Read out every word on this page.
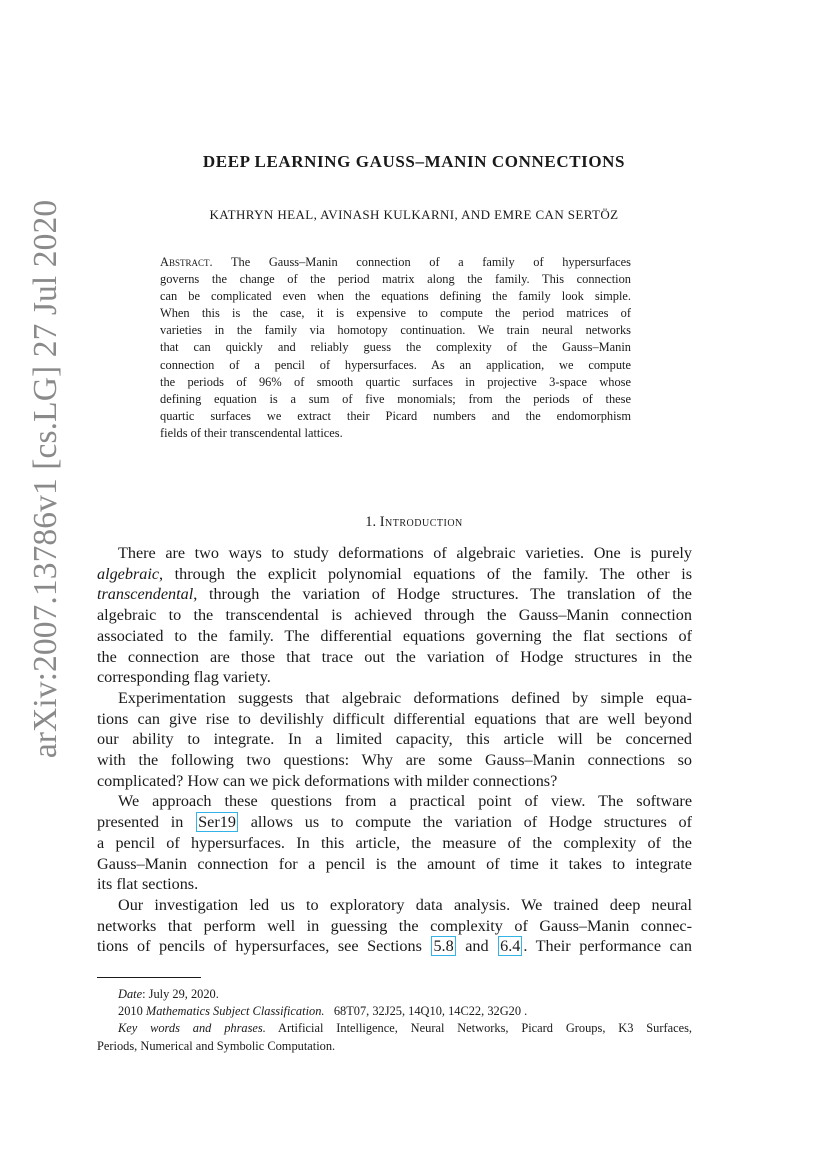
arXiv:2007.13786v1 [cs.LG] 27 Jul 2020
DEEP LEARNING GAUSS–MANIN CONNECTIONS
KATHRYN HEAL, AVINASH KULKARNI, AND EMRE CAN SERTÖZ
Abstract. The Gauss–Manin connection of a family of hypersurfaces
governs the change of the period matrix along the family. This connection
can be complicated even when the equations defining the family look simple.
When this is the case, it is expensive to compute the period matrices of
varieties in the family via homotopy continuation. We train neural networks
that can quickly and reliably guess the complexity of the Gauss–Manin
connection of a pencil of hypersurfaces. As an application, we compute
the periods of 96% of smooth quartic surfaces in projective 3-space whose
defining equation is a sum of five monomials; from the periods of these
quartic surfaces we extract their Picard numbers and the endomorphism
fields of their transcendental lattices.
1. Introduction
There are two ways to study deformations of algebraic varieties. One is purely
algebraic, through the explicit polynomial equations of the family. The other is
transcendental, through the variation of Hodge structures. The translation of the
algebraic to the transcendental is achieved through the Gauss–Manin connection
associated to the family. The differential equations governing the flat sections of
the connection are those that trace out the variation of Hodge structures in the
corresponding flag variety.
Experimentation suggests that algebraic deformations defined by simple equa-
tions can give rise to devilishly difficult differential equations that are well beyond
our ability to integrate. In a limited capacity, this article will be concerned
with the following two questions: Why are some Gauss–Manin connections so
complicated? How can we pick deformations with milder connections?
We approach these questions from a practical point of view. The software
presented in Ser19 allows us to compute the variation of Hodge structures of
a pencil of hypersurfaces. In this article, the measure of the complexity of the
Gauss–Manin connection for a pencil is the amount of time it takes to integrate
its flat sections.
Our investigation led us to exploratory data analysis. We trained deep neural
networks that perform well in guessing the complexity of Gauss–Manin connec-
tions of pencils of hypersurfaces, see Sections 5.8 and 6.4 . Their performance can
Date: July 29, 2020.
2010 Mathematics Subject Classification. 68T07, 32J25, 14Q10, 14C22, 32G20 .
Key words and phrases. Artificial Intelligence, Neural Networks, Picard Groups, K3 Surfaces,
Periods, Numerical and Symbolic Computation.
